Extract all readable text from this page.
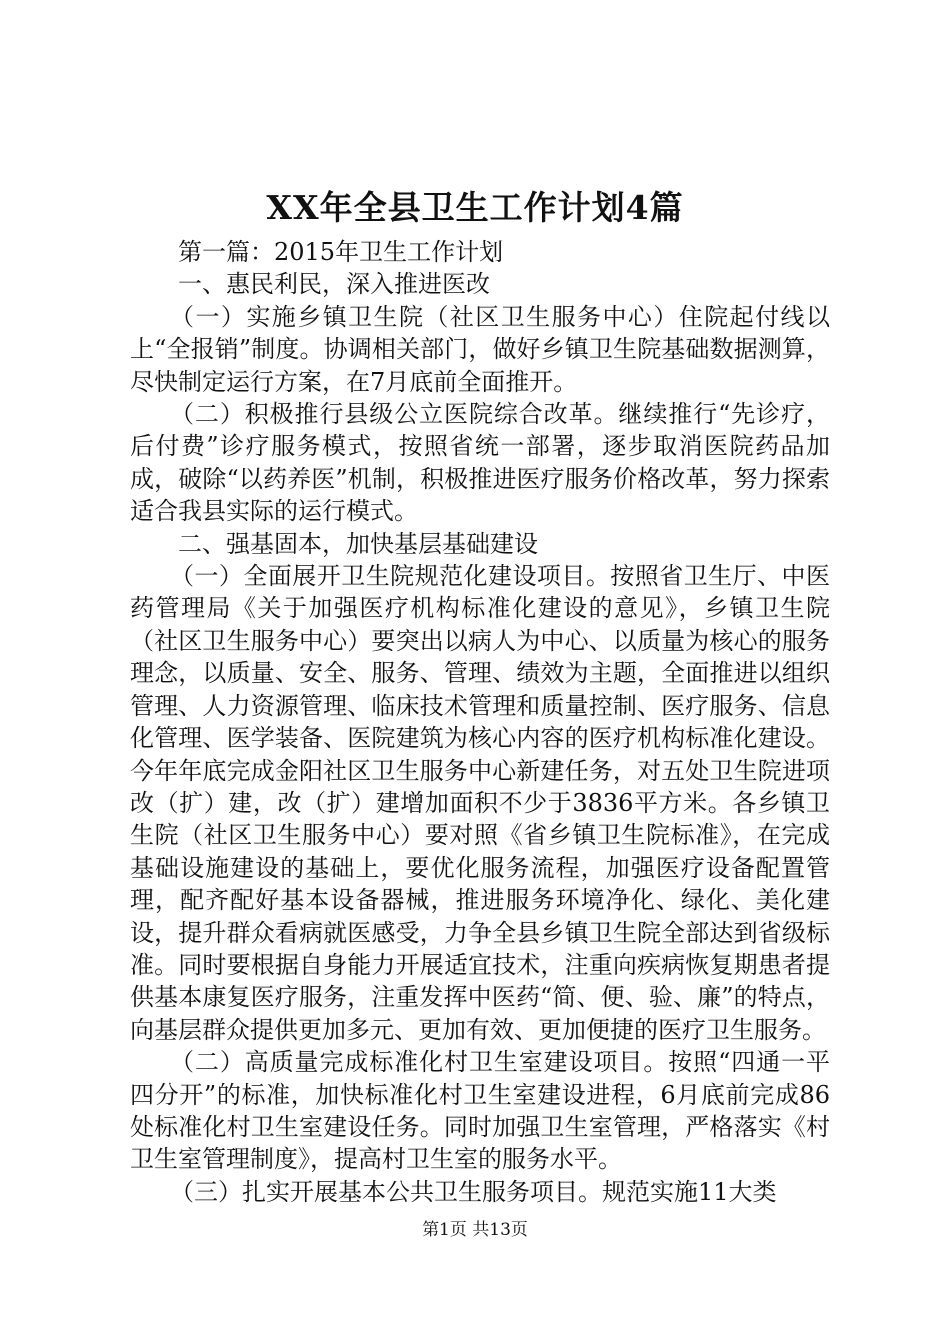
XX年全县卫生工作计划4篇

第一篇：2015年卫生工作计划

一、惠民利民，深入推进医改

（一）实施乡镇卫生院（社区卫生服务中心）住院起付线以上“全报销”制度。协调相关部门，做好乡镇卫生院基础数据测算，尽快制定运行方案，在7月底前全面推开。

（二）积极推行县级公立医院综合改革。继续推行“先诊疗，后付费”诊疗服务模式，按照省统一部署，逐步取消医院药品加成，破除“以药养医”机制，积极推进医疗服务价格改革，努力探索适合我县实际的运行模式。

二、强基固本，加快基层基础建设

（一）全面展开卫生院规范化建设项目。按照省卫生厅、中医药管理局《关于加强医疗机构标准化建设的意见》，乡镇卫生院（社区卫生服务中心）要突出以病人为中心、以质量为核心的服务理念，以质量、安全、服务、管理、绩效为主题，全面推进以组织管理、人力资源管理、临床技术管理和质量控制、医疗服务、信息化管理、医学装备、医院建筑为核心内容的医疗机构标准化建设。今年年底完成金阳社区卫生服务中心新建任务，对五处卫生院进项改（扩）建，改（扩）建增加面积不少于3836平方米。各乡镇卫生院（社区卫生服务中心）要对照《省乡镇卫生院标准》，在完成基础设施建设的基础上，要优化服务流程，加强医疗设备配置管理，配齐配好基本设备器械，推进服务环境净化、绿化、美化建设，提升群众看病就医感受，力争全县乡镇卫生院全部达到省级标准。同时要根据自身能力开展适宜技术，注重向疾病恢复期患者提供基本康复医疗服务，注重发挥中医药“简、便、验、廉”的特点，向基层群众提供更加多元、更加有效、更加便捷的医疗卫生服务。

（二）高质量完成标准化村卫生室建设项目。按照“四通一平四分开”的标准，加快标准化村卫生室建设进程，6月底前完成86处标准化村卫生室建设任务。同时加强卫生室管理，严格落实《村卫生室管理制度》，提高村卫生室的服务水平。

（三）扎实开展基本公共卫生服务项目。规范实施11大类

第1页 共13页
